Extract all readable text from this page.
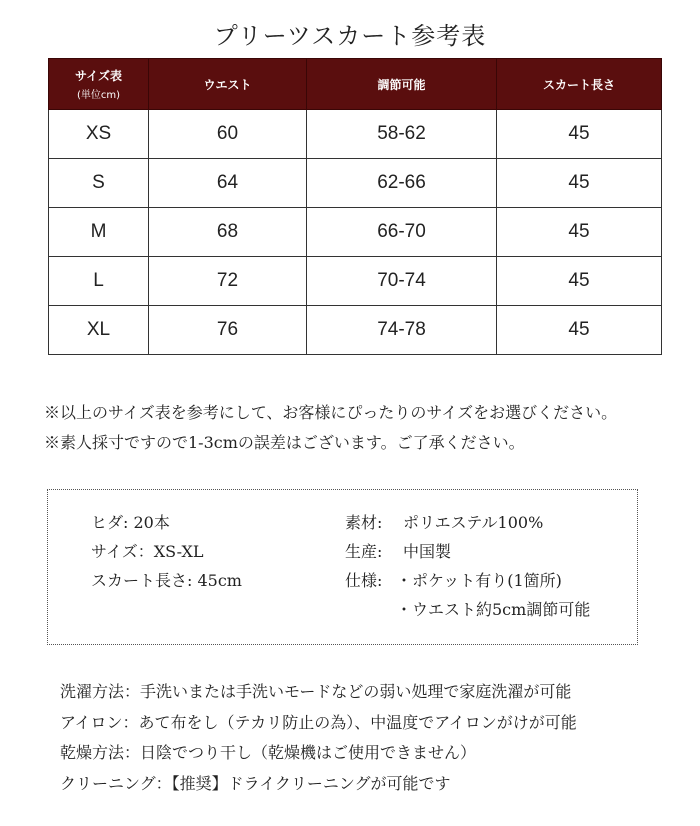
プリーツスカート参考表
サイズ表
(単位cm)	ウエスト	調節可能	スカート長さ
XS	60	58-62	45
S	64	62-66	45
M	68	66-70	45
L	72	70-74	45
XL	76	74-78	45
※以上のサイズ表を参考にして、お客様にぴったりのサイズをお選びください。
※素人採寸ですので1-3cmの誤差はございます。ご了承ください。
ヒダ: 20本
サイズ：XS-XL
スカート長さ: 45cm
素材: ポリエステル100%
生産: 中国製
仕様: ・ポケット有り(1箇所)
・ウエスト約5cm調節可能
洗濯方法：手洗いまたは手洗いモードなどの弱い処理で家庭洗濯が可能
アイロン：あて布をし（テカリ防止の為）、中温度でアイロンがけが可能
乾燥方法：日陰でつり干し（乾燥機はご使用できません）
クリーニング：【推奨】ドライクリーニングが可能です
